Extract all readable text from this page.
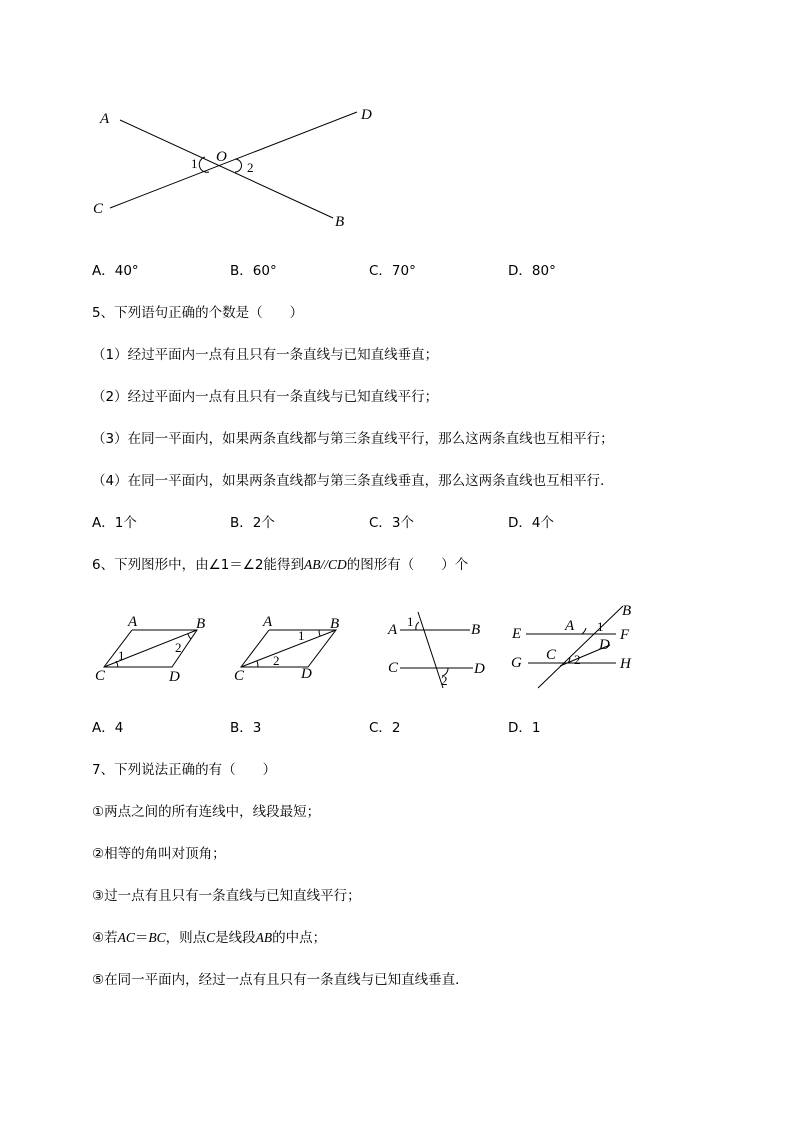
A	D
O
1	2
C
B
A．40°	B．60°	C．70°	D．80°
5、下列语句正确的个数是（　　）
（1）经过平面内一点有且只有一条直线与已知直线垂直；
（2）经过平面内一点有且只有一条直线与已知直线平行；
（3）在同一平面内，如果两条直线都与第三条直线平行，那么这两条直线也互相平行；
（4）在同一平面内，如果两条直线都与第三条直线垂直，那么这两条直线也互相平行．
A．1个	B．2个	C．3个	D．4个
6、下列图形中，由∠1＝∠2能得到AB//CD的图形有（　　）个
A	B
C	D
1
2
A	B
C	D
1
2
A
1
B
C	D
2
B
E	A 1
F
D
G C 2	H
A．4	B．3	C．2	D．1
7、下列说法正确的有（　　）
①两点之间的所有连线中，线段最短；
②相等的角叫对顶角；
③过一点有且只有一条直线与已知直线平行；
④若AC＝BC，则点C是线段AB的中点；
⑤在同一平面内，经过一点有且只有一条直线与已知直线垂直．
